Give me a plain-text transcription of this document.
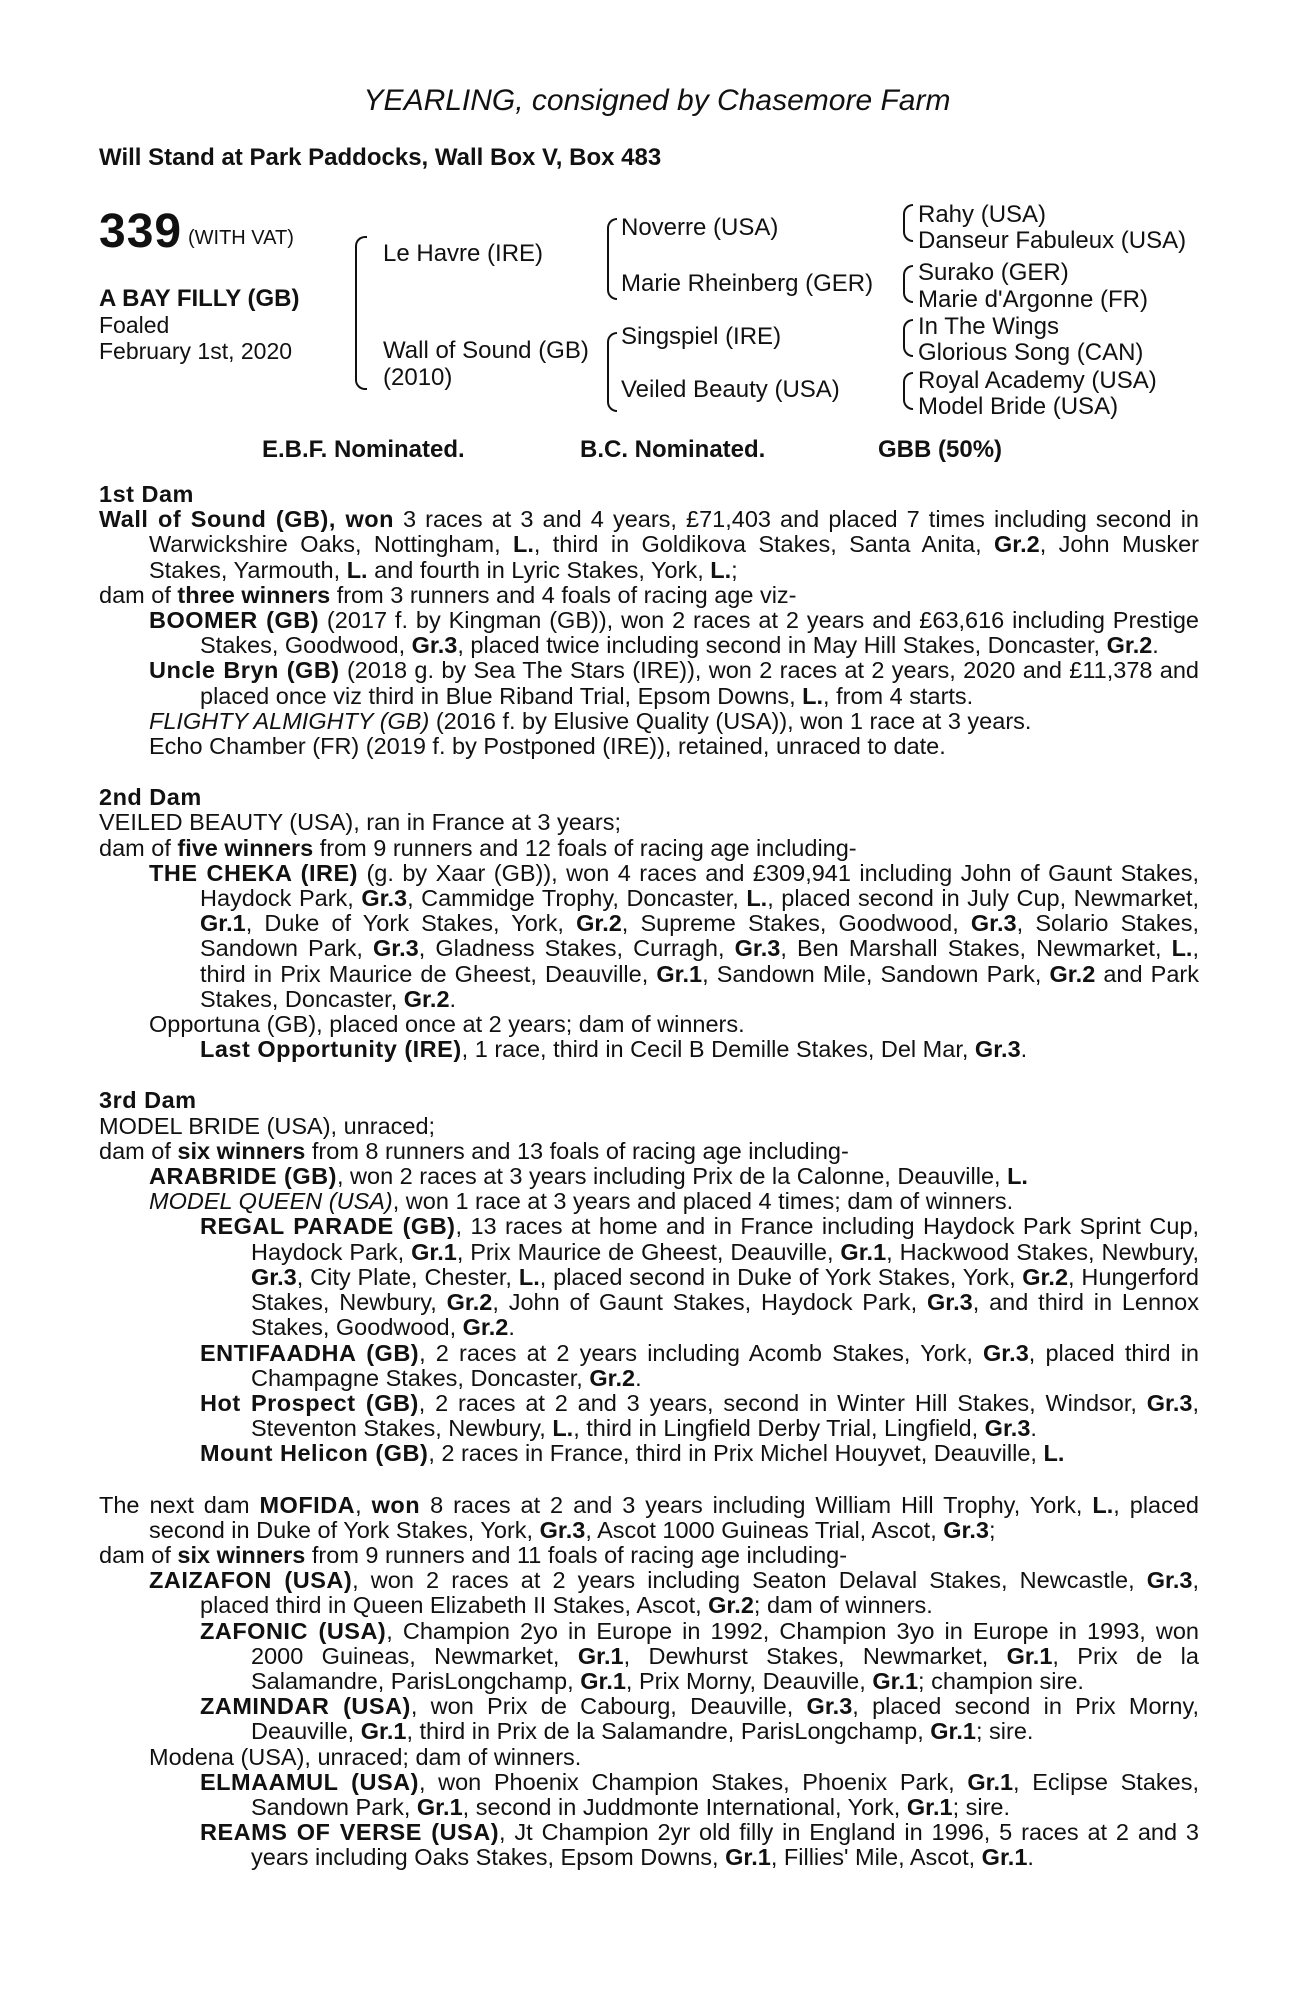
YEARLING, consigned by Chasemore Farm
Will Stand at Park Paddocks, Wall Box V, Box 483
339 (WITH VAT)
A BAY FILLY (GB)
Foaled
February 1st, 2020
Le Havre (IRE)
Wall of Sound (GB)
(2010)
Noverre (USA)
Marie Rheinberg (GER)
Singspiel (IRE)
Veiled Beauty (USA)
Rahy (USA)
Danseur Fabuleux (USA)
Surako (GER)
Marie d'Argonne (FR)
In The Wings
Glorious Song (CAN)
Royal Academy (USA)
Model Bride (USA)
E.B.F. Nominated.	B.C. Nominated.	GBB (50%)
1st Dam
Wall of Sound (GB), won 3 races at 3 and 4 years, £71,403 and placed 7 times including second in Warwickshire Oaks, Nottingham, L., third in Goldikova Stakes, Santa Anita, Gr.2, John Musker Stakes, Yarmouth, L. and fourth in Lyric Stakes, York, L.;
dam of three winners from 3 runners and 4 foals of racing age viz-
BOOMER (GB) (2017 f. by Kingman (GB)), won 2 races at 2 years and £63,616 including Prestige Stakes, Goodwood, Gr.3, placed twice including second in May Hill Stakes, Doncaster, Gr.2.
Uncle Bryn (GB) (2018 g. by Sea The Stars (IRE)), won 2 races at 2 years, 2020 and £11,378 and placed once viz third in Blue Riband Trial, Epsom Downs, L., from 4 starts.
FLIGHTY ALMIGHTY (GB) (2016 f. by Elusive Quality (USA)), won 1 race at 3 years.
Echo Chamber (FR) (2019 f. by Postponed (IRE)), retained, unraced to date.
2nd Dam
VEILED BEAUTY (USA), ran in France at 3 years;
dam of five winners from 9 runners and 12 foals of racing age including-
THE CHEKA (IRE) (g. by Xaar (GB)), won 4 races and £309,941 including John of Gaunt Stakes, Haydock Park, Gr.3, Cammidge Trophy, Doncaster, L., placed second in July Cup, Newmarket, Gr.1, Duke of York Stakes, York, Gr.2, Supreme Stakes, Goodwood, Gr.3, Solario Stakes, Sandown Park, Gr.3, Gladness Stakes, Curragh, Gr.3, Ben Marshall Stakes, Newmarket, L., third in Prix Maurice de Gheest, Deauville, Gr.1, Sandown Mile, Sandown Park, Gr.2 and Park Stakes, Doncaster, Gr.2.
Opportuna (GB), placed once at 2 years; dam of winners.
Last Opportunity (IRE), 1 race, third in Cecil B Demille Stakes, Del Mar, Gr.3.
3rd Dam
MODEL BRIDE (USA), unraced;
dam of six winners from 8 runners and 13 foals of racing age including-
ARABRIDE (GB), won 2 races at 3 years including Prix de la Calonne, Deauville, L.
MODEL QUEEN (USA), won 1 race at 3 years and placed 4 times; dam of winners.
REGAL PARADE (GB), 13 races at home and in France including Haydock Park Sprint Cup, Haydock Park, Gr.1, Prix Maurice de Gheest, Deauville, Gr.1, Hackwood Stakes, Newbury, Gr.3, City Plate, Chester, L., placed second in Duke of York Stakes, York, Gr.2, Hungerford Stakes, Newbury, Gr.2, John of Gaunt Stakes, Haydock Park, Gr.3, and third in Lennox Stakes, Goodwood, Gr.2.
ENTIFAADHA (GB), 2 races at 2 years including Acomb Stakes, York, Gr.3, placed third in Champagne Stakes, Doncaster, Gr.2.
Hot Prospect (GB), 2 races at 2 and 3 years, second in Winter Hill Stakes, Windsor, Gr.3, Steventon Stakes, Newbury, L., third in Lingfield Derby Trial, Lingfield, Gr.3.
Mount Helicon (GB), 2 races in France, third in Prix Michel Houyvet, Deauville, L.
The next dam MOFIDA, won 8 races at 2 and 3 years including William Hill Trophy, York, L., placed second in Duke of York Stakes, York, Gr.3, Ascot 1000 Guineas Trial, Ascot, Gr.3;
dam of six winners from 9 runners and 11 foals of racing age including-
ZAIZAFON (USA), won 2 races at 2 years including Seaton Delaval Stakes, Newcastle, Gr.3, placed third in Queen Elizabeth II Stakes, Ascot, Gr.2; dam of winners.
ZAFONIC (USA), Champion 2yo in Europe in 1992, Champion 3yo in Europe in 1993, won 2000 Guineas, Newmarket, Gr.1, Dewhurst Stakes, Newmarket, Gr.1, Prix de la Salamandre, ParisLongchamp, Gr.1, Prix Morny, Deauville, Gr.1; champion sire.
ZAMINDAR (USA), won Prix de Cabourg, Deauville, Gr.3, placed second in Prix Morny, Deauville, Gr.1, third in Prix de la Salamandre, ParisLongchamp, Gr.1; sire.
Modena (USA), unraced; dam of winners.
ELMAAMUL (USA), won Phoenix Champion Stakes, Phoenix Park, Gr.1, Eclipse Stakes, Sandown Park, Gr.1, second in Juddmonte International, York, Gr.1; sire.
REAMS OF VERSE (USA), Jt Champion 2yr old filly in England in 1996, 5 races at 2 and 3 years including Oaks Stakes, Epsom Downs, Gr.1, Fillies' Mile, Ascot, Gr.1.
